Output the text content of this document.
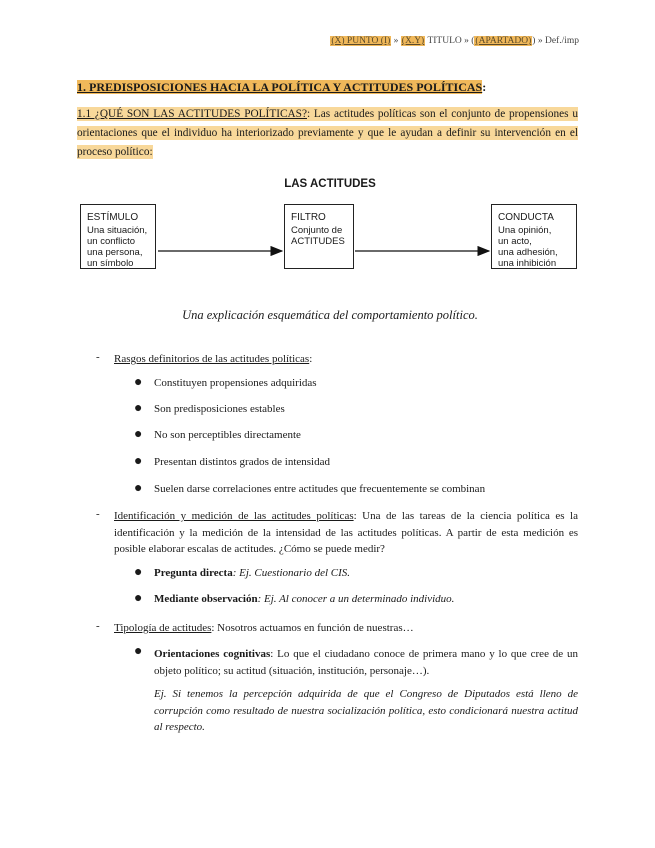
(X) PUNTO (I) » (X.Y) TITULO » ((APARTADO)) » Def./imp
1. PREDISPOSICIONES HACIA LA POLÍTICA Y ACTITUDES POLÍTICAS:
1.1 ¿QUÉ SON LAS ACTITUDES POLÍTICAS?: Las actitudes políticas son el conjunto de propensiones u orientaciones que el individuo ha interiorizado previamente y que le ayudan a definir su intervención en el proceso político:
LAS ACTITUDES
ESTÍMULO
Una situación,
un conflicto
una persona,
un símbolo
FILTRO
Conjunto de
ACTITUDES
CONDUCTA
Una opinión,
un acto,
una adhesión,
una inhibición
Una explicación esquemática del comportamiento político.
- Rasgos definitorios de las actitudes políticas:
● Constituyen propensiones adquiridas
● Son predisposiciones estables
● No son perceptibles directamente
● Presentan distintos grados de intensidad
● Suelen darse correlaciones entre actitudes que frecuentemente se combinan
- Identificación y medición de las actitudes políticas: Una de las tareas de la ciencia política es la identificación y la medición de la intensidad de las actitudes políticas. A partir de esta medición es posible elaborar escalas de actitudes. ¿Cómo se puede medir?
● Pregunta directa: Ej. Cuestionario del CIS.
● Mediante observación: Ej. Al conocer a un determinado individuo.
- Tipología de actitudes: Nosotros actuamos en función de nuestras…
● Orientaciones cognitivas: Lo que el ciudadano conoce de primera mano y lo que cree de un objeto político; su actitud (situación, institución, personaje…).
Ej. Si tenemos la percepción adquirida de que el Congreso de Diputados está lleno de corrupción como resultado de nuestra socialización política, esto condicionará nuestra actitud al respecto.
